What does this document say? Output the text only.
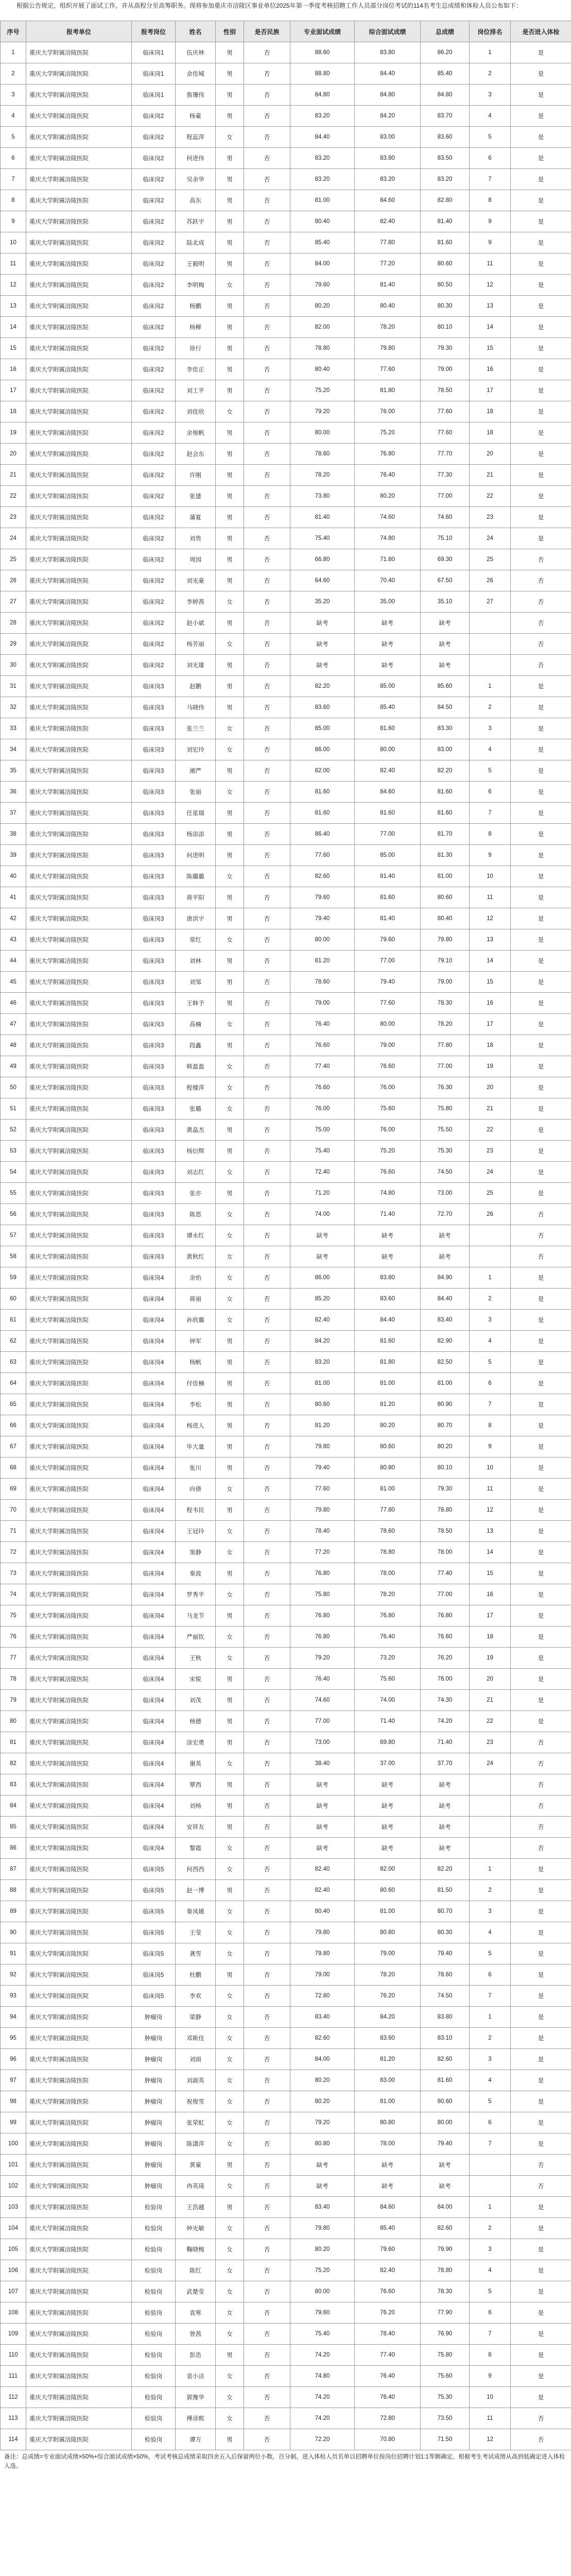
根据公告规定，组织开展了面试工作，并从高程分至高筹职务。现将参加重庆市涪陵区事业单位2025年第一季度考核招聘工作人员部分岗位考试的114名考生总成绩和体检人员公布如下：
序号	报考单位	报考岗位	姓名	性别	是否民族	专业面试成绩	综合面试成绩	总成绩	岗位排名	是否进入体检
1	重庆大学附属涪陵医院	临床岗1	伍庆林	男	否	88.60	83.80	86.20	1	是
2	重庆大学附属涪陵医院	临床岗1	余佳城	男	否	88.80	84.40	85.40	2	是
3	重庆大学附属涪陵医院	临床岗1	詹珊伟	男	否	84.80	84.80	84.80	3	是
4	重庆大学附属涪陵医院	临床岗2	杨豪	男	否	83.20	84.20	83.70	4	是
5	重庆大学附属涪陵医院	临床岗2	程蕊萍	女	否	84.40	83.00	83.60	5	是
6	重庆大学附属涪陵医院	临床岗2	何进伟	男	否	83.20	83.80	83.50	6	是
7	重庆大学附属涪陵医院	临床岗2	吴余华	男	否	83.20	83.20	83.20	7	是
8	重庆大学附属涪陵医院	临床岗2	高东	男	否	81.00	84.60	82.80	8	是
9	重庆大学附属涪陵医院	临床岗2	苏跃宇	男	否	80.40	82.40	81.40	9	是
10	重庆大学附属涪陵医院	临床岗2	陆北成	男	否	85.40	77.80	81.60	9	是
11	重庆大学附属涪陵医院	临床岗2	王毅明	男	否	84.00	77.20	80.60	11	是
12	重庆大学附属涪陵医院	临床岗2	李明梅	女	否	79.60	81.40	80.50	12	是
13	重庆大学附属涪陵医院	临床岗2	杨鹏	男	否	80.20	80.40	80.30	13	是
14	重庆大学附属涪陵医院	临床岗2	杨柳	男	否	82.00	78.20	80.10	14	是
15	重庆大学附属涪陵医院	临床岗2	徐行	男	否	78.80	79.80	79.30	15	是
16	重庆大学附属涪陵医院	临床岗2	李佳正	男	否	80.40	77.60	79.00	16	是
17	重庆大学附属涪陵医院	临床岗2	刘工平	男	否	75.20	81.80	78.50	17	是
18	重庆大学附属涪陵医院	临床岗2	刘佳欣	女	否	79.20	76.00	77.60	18	是
19	重庆大学附属涪陵医院	临床岗2	余俊帆	男	否	80.00	75.20	77.60	18	是
20	重庆大学附属涪陵医院	临床岗2	赵会东	男	否	78.60	76.80	77.70	20	是
21	重庆大学附属涪陵医院	临床岗2	许刚	男	否	78.20	76.40	77.30	21	是
22	重庆大学附属涪陵医院	临床岗2	张建	男	否	73.80	80.20	77.00	22	是
23	重庆大学附属涪陵医院	临床岗2	蒲夏	男	否	81.40	74.60	74.60	23	是
24	重庆大学附属涪陵医院	临床岗2	刘贵	男	否	75.40	74.80	75.10	24	是
25	重庆大学附属涪陵医院	临床岗2	周园	男	否	66.80	71.80	69.30	25	否
26	重庆大学附属涪陵医院	临床岗2	刘光豪	男	否	64.60	70.40	67.50	26	否
27	重庆大学附属涪陵医院	临床岗2	李婷茜	女	否	35.20	35.00	35.10	27	否
28	重庆大学附属涪陵医院	临床岗2	赵小斌	男	否	缺考	缺考	缺考		否
29	重庆大学附属涪陵医院	临床岗2	杨芳丽	女	否	缺考	缺考	缺考		否
30	重庆大学附属涪陵医院	临床岗2	刘光雄	男	否	缺考	缺考	缺考		否
31	重庆大学附属涪陵医院	临床岗3	赵鹏	男	否	82.20	85.00	85.60	1	是
32	重庆大学附属涪陵医院	临床岗3	马晓伟	男	否	83.60	85.40	84.50	2	是
33	重庆大学附属涪陵医院	临床岗3	张兰兰	女	否	85.00	81.60	83.30	3	是
34	重庆大学附属涪陵医院	临床岗3	刘宏玲	女	否	86.00	80.00	83.00	4	是
35	重庆大学附属涪陵医院	临床岗3	湘严	男	否	82.00	82.40	82.20	5	是
36	重庆大学附属涪陵医院	临床岗3	张丽	女	否	81.60	84.60	81.60	6	是
37	重庆大学附属涪陵医院	临床岗3	任星瑞	男	否	81.60	81.60	81.60	7	是
38	重庆大学附属涪陵医院	临床岗3	杨添添	男	否	86.40	77.00	81.70	8	是
39	重庆大学附属涪陵医院	临床岗3	何进明	男	否	77.60	85.00	81.30	9	是
40	重庆大学附属涪陵医院	临床岗3	陈璐璐	女	否	82.60	81.40	81.00	10	是
41	重庆大学附属涪陵医院	临床岗3	蒋平阳	男	否	79.60	81.60	80.60	11	是
42	重庆大学附属涪陵医院	临床岗3	唐洪宇	男	否	79.40	81.40	80.40	12	是
43	重庆大学附属涪陵医院	临床岗3	常红	女	否	80.00	79.60	79.80	13	是
44	重庆大学附属涪陵医院	临床岗3	刘林	男	否	81.20	77.00	79.10	14	是
45	重庆大学附属涪陵医院	临床岗3	刘邹	男	否	78.60	79.40	79.00	15	是
46	重庆大学附属涪陵医院	临床岗3	王韩予	男	否	79.00	77.60	78.30	16	是
47	重庆大学附属涪陵医院	临床岗3	高楠	女	否	76.40	80.00	78.20	17	是
48	重庆大学附属涪陵医院	临床岗3	段鑫	男	否	76.60	79.00	77.80	18	是
49	重庆大学附属涪陵医院	临床岗3	韩盈盈	女	否	77.40	76.60	77.00	19	是
50	重庆大学附属涪陵医院	临床岗3	程楼萍	女	否	76.60	76.00	76.30	20	是
51	重庆大学附属涪陵医院	临床岗3	张璐	女	否	76.00	75.60	75.80	21	是
52	重庆大学附属涪陵医院	临床岗3	黄晶杰	男	否	75.00	76.00	75.50	22	是
53	重庆大学附属涪陵医院	临床岗3	杨衍辉	男	否	75.40	75.20	75.30	23	是
54	重庆大学附属涪陵医院	临床岗3	刘志红	女	否	72.40	76.60	74.50	24	是
55	重庆大学附属涪陵医院	临床岗3	张亦	男	否	71.20	74.80	73.00	25	是
56	重庆大学附属涪陵医院	临床岗3	陈思	女	否	74.00	71.40	72.70	26	否
57	重庆大学附属涪陵医院	临床岗3	谭永红	女	否	缺考	缺考	缺考		否
58	重庆大学附属涪陵医院	临床岗3	黄秋红	女	否	缺考	缺考	缺考		否
59	重庆大学附属涪陵医院	临床岗4	余怡	女	否	86.00	83.80	84.90	1	是
60	重庆大学附属涪陵医院	临床岗4	蒋丽	女	否	85.20	83.60	84.40	2	是
61	重庆大学附属涪陵医院	临床岗4	孙欣璐	女	否	82.40	84.40	83.40	3	是
62	重庆大学附属涪陵医院	临床岗4	钟军	男	否	84.20	81.60	82.90	4	是
63	重庆大学附属涪陵医院	临床岗4	杨帆	男	否	83.20	81.80	82.50	5	是
64	重庆大学附属涪陵医院	临床岗4	付佳楠	男	否	81.00	81.00	81.00	6	是
65	重庆大学附属涪陵医院	临床岗4	李松	男	否	80.60	81.20	80.90	7	是
66	重庆大学附属涪陵医院	临床岗4	杨进人	男	否	81.20	80.20	80.70	8	是
67	重庆大学附属涪陵医院	临床岗4	毕大量	男	否	79.80	80.60	80.20	9	是
68	重庆大学附属涪陵医院	临床岗4	张川	男	否	79.40	80.80	80.10	10	是
69	重庆大学附属涪陵医院	临床岗4	向倩	女	否	77.60	81.00	79.30	11	是
70	重庆大学附属涪陵医院	临床岗4	程韦民	男	否	79.80	77.80	78.80	12	是
71	重庆大学附属涪陵医院	临床岗4	王冠玲	女	否	78.40	78.60	78.50	13	是
72	重庆大学附属涪陵医院	临床岗4	窦静	女	否	77.20	78.80	78.00	14	是
73	重庆大学附属涪陵医院	临床岗4	秦波	男	否	76.80	78.00	77.40	15	是
74	重庆大学附属涪陵医院	临床岗4	罗秀平	女	否	75.80	78.20	77.00	16	是
75	重庆大学附属涪陵医院	临床岗4	马龙节	男	否	76.80	76.80	76.80	17	是
76	重庆大学附属涪陵医院	临床岗4	严丽钦	女	否	76.80	76.40	76.60	18	是
77	重庆大学附属涪陵医院	临床岗4	王秋	女	否	79.20	73.20	76.20	19	是
78	重庆大学附属涪陵医院	临床岗4	宋锐	男	否	76.40	75.60	76.00	20	是
79	重庆大学附属涪陵医院	临床岗4	刘茂	男	否	74.60	74.00	74.30	21	是
80	重庆大学附属涪陵医院	临床岗4	杨德	男	否	77.00	71.40	74.20	22	是
81	重庆大学附属涪陵医院	临床岗4	涂宏勇	男	否	73.00	69.80	71.40	23	否
82	重庆大学附属涪陵医院	临床岗4	谢英	女	否	38.40	37.00	37.70	24	否
83	重庆大学附属涪陵医院	临床岗4	覃西	男	否	缺考	缺考	缺考		否
84	重庆大学附属涪陵医院	临床岗4	刘杨	男	否	缺考	缺考	缺考		否
85	重庆大学附属涪陵医院	临床岗4	安祥友	男	否	缺考	缺考	缺考		否
86	重庆大学附属涪陵医院	临床岗4	黎霞	女	否	缺考	缺考	缺考		否
87	重庆大学附属涪陵医院	临床岗5	何西西	女	否	82.40	82.00	82.20	1	是
88	重庆大学附属涪陵医院	临床岗5	赵一博	男	否	82.40	80.60	81.50	2	是
89	重庆大学附属涪陵医院	临床岗5	秦凤媛	女	否	80.40	81.00	80.70	3	是
90	重庆大学附属涪陵医院	临床岗5	王莹	女	否	79.80	80.80	80.30	4	是
91	重庆大学附属涪陵医院	临床岗5	龚雪	女	否	79.80	79.00	79.40	5	是
92	重庆大学附属涪陵医院	临床岗5	杜鹏	男	否	79.00	78.20	78.60	6	是
93	重庆大学附属涪陵医院	临床岗5	李欢	女	否	72.80	76.20	74.50	7	是
94	重庆大学附属涪陵医院	肿瘤岗	梁静	女	否	83.40	84.20	83.80	1	是
95	重庆大学附属涪陵医院	肿瘤岗	邓斯佳	女	否	82.60	83.60	83.10	2	是
96	重庆大学附属涪陵医院	肿瘤岗	刘雨	女	否	84.00	81.20	82.60	3	是
97	重庆大学附属涪陵医院	肿瘤岗	刘淑英	女	否	80.20	83.00	81.60	4	是
98	重庆大学附属涪陵医院	肿瘤岗	祝俊雪	女	否	80.20	81.00	80.60	5	是
99	重庆大学附属涪陵医院	肿瘤岗	张荣虹	女	否	79.20	80.80	80.00	6	是
100	重庆大学附属涪陵医院	肿瘤岗	陈潇萍	女	否	80.80	78.00	79.40	7	是
101	重庆大学附属涪陵医院	肿瘤岗	黄豪	男	否	缺考	缺考	缺考		否
102	重庆大学附属涪陵医院	肿瘤岗	冉英琦	女	否	缺考	缺考	缺考		否
103	重庆大学附属涪陵医院	检验岗	王浩越	男	否	83.40	84.60	84.00	1	是
104	重庆大学附属涪陵医院	检验岗	钟光敏	女	否	79.80	85.40	82.60	2	是
105	重庆大学附属涪陵医院	检验岗	鞠晓梅	女	否	80.20	79.60	79.90	3	是
106	重庆大学附属涪陵医院	检验岗	陈红	女	否	75.20	82.40	78.80	4	是
107	重庆大学附属涪陵医院	检验岗	武楚莹	女	否	80.00	76.60	78.30	5	是
108	重庆大学附属涪陵医院	检验岗	袁寒	女	否	79.60	76.20	77.90	6	是
109	重庆大学附属涪陵医院	检验岗	曾茜	女	否	75.40	78.40	76.90	7	是
110	重庆大学附属涪陵医院	检验岗	彭浩	男	否	74.20	77.40	75.80	8	是
111	重庆大学附属涪陵医院	检验岗	袁小洁	女	否	74.80	76.40	75.60	9	是
112	重庆大学附属涪陵医院	检验岗	郭豫华	女	否	74.20	76.40	75.30	10	是
113	重庆大学附属涪陵医院	检验岗	傅彦熙	女	否	74.20	72.80	73.50	11	否
114	重庆大学附属涪陵医院	检验岗	谭方	男	否	72.20	70.80	71.50	12	否
备注：总成绩=专业面试成绩×50%+综合面试成绩×50%，考试考核总成绩采取四舍五入后保留两位小数，百分制，进入体检人员名单以招聘单位按岗位招聘计划1:1等额确定。根据考生考试成绩从高到低确定进入体检人选。
